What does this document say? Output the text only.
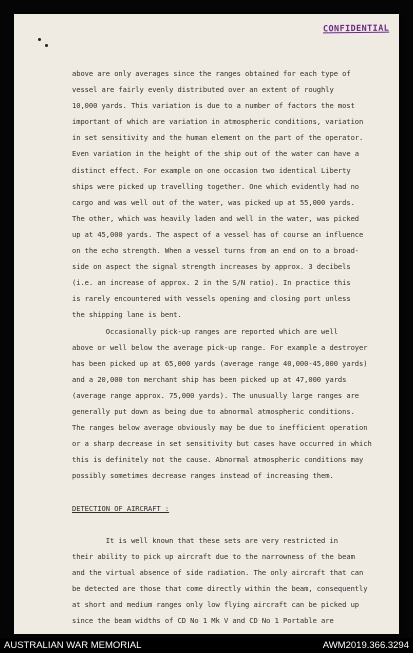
CONFIDENTIAL
above are only averages since the ranges obtained for each type of
vessel are fairly evenly distributed over an extent of roughly
10,000 yards. This variation is due to a number of factors the most
important of which are variation in atmospheric conditions, variation
in set sensitivity and the human element on the part of the operator.
Even variation in the height of the ship out of the water can have a
distinct effect. For example on one occasion two identical Liberty
ships were picked up travelling together. One which evidently had no
cargo and was well out of the water, was picked up at 55,000 yards.
The other, which was heavily laden and well in the water, was picked
up at 45,000 yards. The aspect of a vessel has of course an influence
on the echo strength. When a vessel turns from an end on to a broad-
side on aspect the signal strength increases by approx. 3 decibels
(i.e. an increase of approx. 2 in the S/N ratio). In practice this
is rarely encountered with vessels opening and closing port unless
the shipping lane is bent.
Occasionally pick-up ranges are reported which are well
above or well below the average pick-up range. For example a destroyer
has been picked up at 65,000 yards (average range 40,000-45,000 yards)
and a 20,000 ton merchant ship has been picked up at 47,000 yards
(average range approx. 75,000 yards). The unusually large ranges are
generally put down as being due to abnormal atmospheric conditions.
The ranges below average obviously may be due to inefficient operation
or a sharp decrease in set sensitivity but cases have occurred in which
this is definitely not the cause. Abnormal atmospheric conditions may
possibly sometimes decrease ranges instead of increasing them.
DETECTION OF AIRCRAFT :
It is well known that these sets are very restricted in
their ability to pick up aircraft due to the narrowness of the beam
and the virtual absence of side radiation. The only aircraft that can
be detected are those that come directly within the beam, consequently
at short and medium ranges only low flying aircraft can be picked up
since the beam widths of CD No 1 Mk V and CD No 1 Portable are
AUSTRALIAN WAR MEMORIAL	AWM2019.366.3294
